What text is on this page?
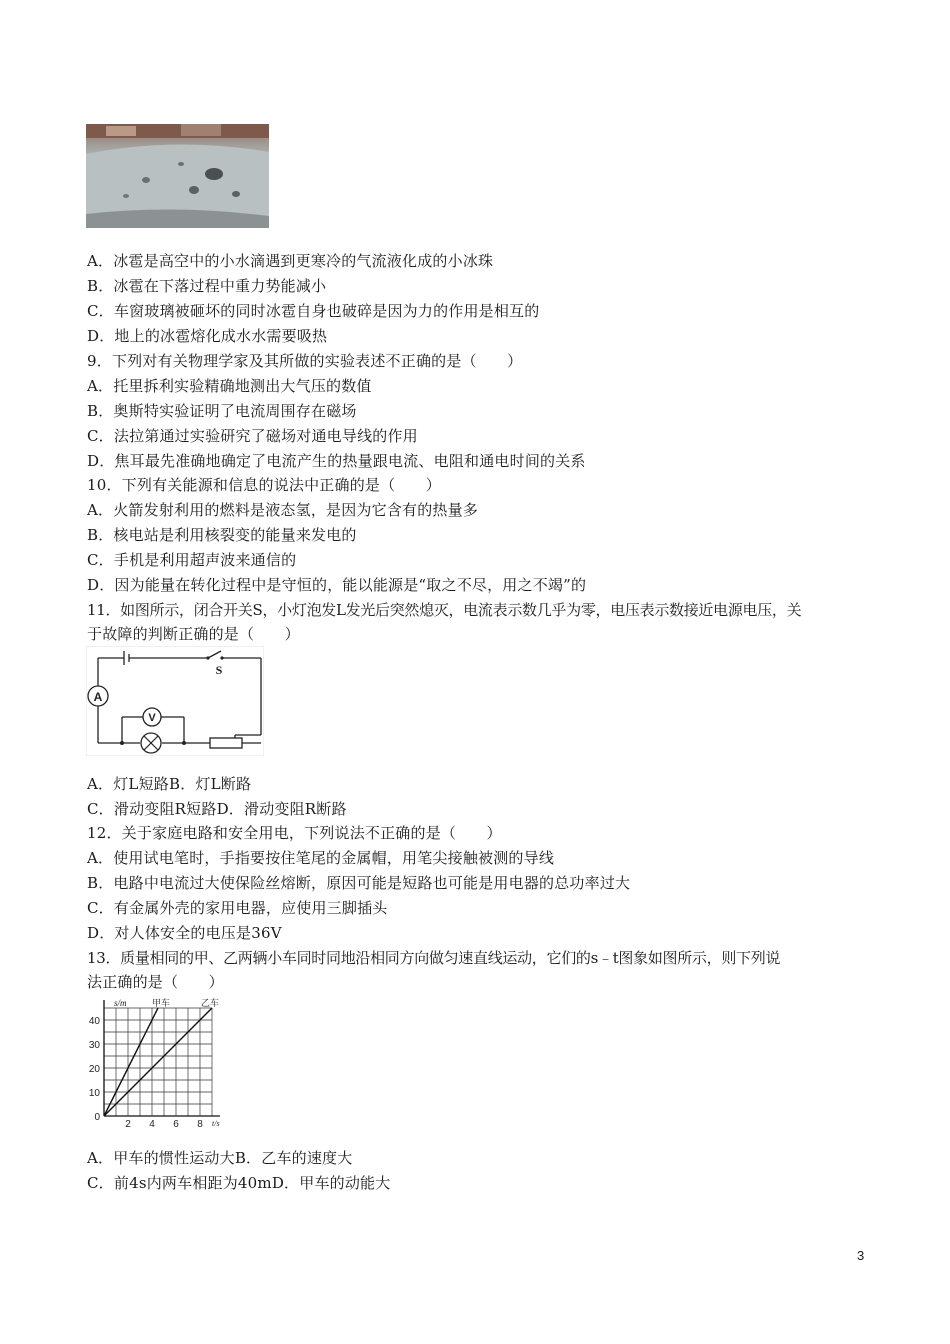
A．冰雹是高空中的小水滴遇到更寒冷的气流液化成的小冰珠
B．冰雹在下落过程中重力势能减小
C．车窗玻璃被砸坏的同时冰雹自身也破碎是因为力的作用是相互的
D．地上的冰雹熔化成水水需要吸热
9．下列对有关物理学家及其所做的实验表述不正确的是（　　）
A．托里拆利实验精确地测出大气压的数值
B．奥斯特实验证明了电流周围存在磁场
C．法拉第通过实验研究了磁场对通电导线的作用
D．焦耳最先准确地确定了电流产生的热量跟电流、电阻和通电时间的关系
10．下列有关能源和信息的说法中正确的是（　　）
A．火箭发射利用的燃料是液态氢，是因为它含有的热量多
B．核电站是利用核裂变的能量来发电的
C．手机是利用超声波来通信的
D．因为能量在转化过程中是守恒的，能以能源是“取之不尽，用之不竭”的
11．如图所示，闭合开关S，小灯泡发L发光后突然熄灭，电流表示数几乎为零，电压表示数接近电源电压，关
于故障的判断正确的是（　　）
A
V
S
A．灯L短路B．灯L断路
C．滑动变阻R短路D．滑动变阻R断路
12．关于家庭电路和安全用电，下列说法不正确的是（　　）
A．使用试电笔时，手指要按住笔尾的金属帽，用笔尖接触被测的导线
B．电路中电流过大使保险丝熔断，原因可能是短路也可能是用电器的总功率过大
C．有金属外壳的家用电器，应使用三脚插头
D．对人体安全的电压是36V
13．质量相同的甲、乙两辆小车同时同地沿相同方向做匀速直线运动，它们的s﹣t图象如图所示，则下列说
法正确的是（　　）
40
30
20
10
0
2 4 6 8
s/m
t/s
甲车	乙车
A．甲车的惯性运动大B．乙车的速度大
C．前4s内两车相距为40mD．甲车的动能大
3
